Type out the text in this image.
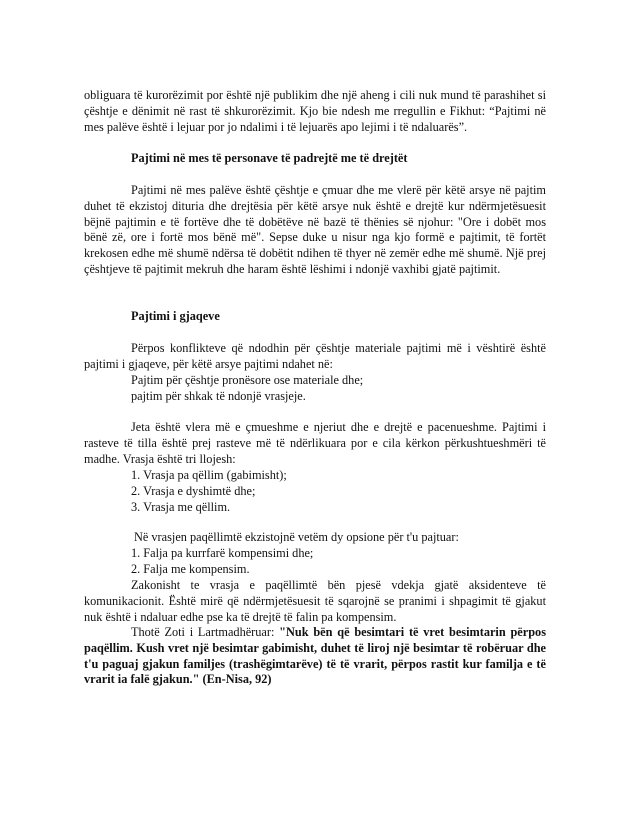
obliguara të kurorëzimit por është një publikim dhe një aheng i cili nuk mund të parashihet si çështje e dënimit në rast të shkurorëzimit. Kjo bie ndesh me rregullin e Fikhut: “Pajtimi në mes palëve është i lejuar por jo ndalimi i të lejuarës apo lejimi i të ndaluarës”.

Pajtimi në mes të personave të padrejtë me të drejtët

Pajtimi në mes palëve është çështje e çmuar dhe me vlerë për këtë arsye në pajtim duhet të ekzistoj dituria dhe drejtësia për këtë arsye nuk është e drejtë kur ndërmjetësuesit bëjnë pajtimin e të fortëve dhe të dobëtëve në bazë të thënies së njohur: "Ore i dobët mos bënë zë, ore i fortë mos bënë më". Sepse duke u nisur nga kjo formë e pajtimit, të fortët krekosen edhe më shumë ndërsa të dobëtit ndihen të thyer në zemër edhe më shumë. Një prej çështjeve të pajtimit mekruh dhe haram është lëshimi i ndonjë vaxhibi gjatë pajtimit.

Pajtimi i gjaqeve

Përpos konflikteve që ndodhin për çështje materiale pajtimi më i vështirë është pajtimi i gjaqeve, për këtë arsye pajtimi ndahet në:

Pajtim për çështje pronësore ose materiale dhe;
pajtim për shkak të ndonjë vrasjeje.

Jeta është vlera më e çmueshme e njeriut dhe e drejtë e pacenueshme. Pajtimi i rasteve të tilla është prej rasteve më të ndërlikuara por e cila kërkon përkushtueshmëri të madhe. Vrasja është tri llojesh:

1. Vrasja pa qëllim (gabimisht);
2. Vrasja e dyshimtë dhe;
3. Vrasja me qëllim.

Në vrasjen paqëllimtë ekzistojnë vetëm dy opsione për t'u pajtuar:

1. Falja pa kurrfarë kompensimi dhe;
2. Falja me kompensim.

Zakonisht te vrasja e paqëllimtë bën pjesë vdekja gjatë aksidenteve të komunikacionit. Është mirë që ndërmjetësuesit të sqarojnë se pranimi i shpagimit të gjakut nuk është i ndaluar edhe pse ka të drejtë të falin pa kompensim.

Thotë Zoti i Lartmadhëruar: "Nuk bën që besimtari të vret besimtarin përpos paqëllim. Kush vret një besimtar gabimisht, duhet të liroj një besimtar të robëruar dhe t'u paguaj gjakun familjes (trashëgimtarëve) të të vrarit, përpos rastit kur familja e të vrarit ia falë gjakun." (En-Nisa, 92)
